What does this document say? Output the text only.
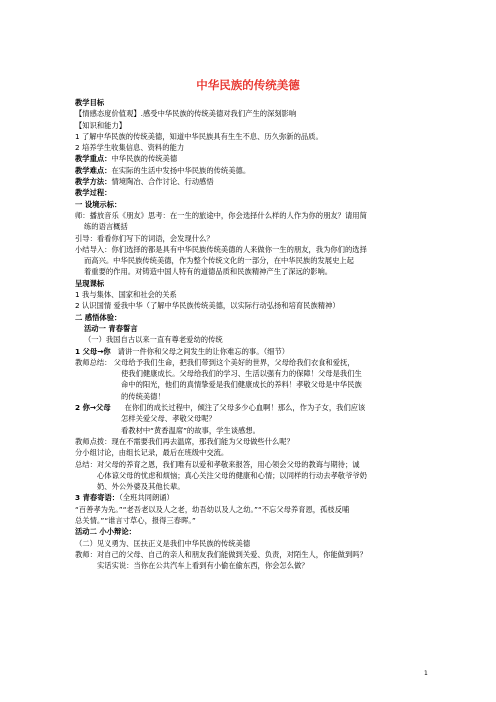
中华民族的传统美德

教学目标

【情感态度价值观】.感受中华民族的传统美德对我们产生的深刻影响

【知识和能力】

1 了解中华民族的传统美德，知道中华民族具有生生不息、历久弥新的品质。

2 培养学生收集信息、资料的能力

教学重点：中华民族的传统美德

教学难点：在实际的生活中发扬中华民族的传统美德。

教学方法：情境陶冶、合作讨论、行动感悟

教学过程：

一 设境示标：

师：播放音乐《朋友》思考：在一生的旅途中，你会选择什么样的人作为你的朋友？请用简

练的语言概括

引导：看看你们写下的词语，会发现什么？

小结导入：你们选择的都是具有中华民族传统美德的人来做你一生的朋友，我为你们的选择

而高兴。中华民族传统美德，作为整个传统文化的一部分，在中华民族的发展史上起

着重要的作用。对铸造中国人特有的道德品质和民族精神产生了深远的影响。

呈现课标

1 我与集体、国家和社会的关系

2 认识国情 爱我中华（了解中华民族传统美德，以实际行动弘扬和培育民族精神）

二 感悟体验：

活动一 青春誓言

（一）我国自古以来一直有尊老爱幼的传统

1 父母→你 请讲一件你和父母之间发生的让你难忘的事。（细节）

教师总结： 父母给予我们生命，把我们带到这个美好的世界，父母给我们衣食和爱抚，

使我们健康成长。父母给我们的学习、生活以强有力的保障！父母是我们生

命中的阳光，他们的真情挚爱是我们健康成长的养料！孝敬父母是中华民族

的传统美德！

2 你→父母 在你们的成长过程中，倾注了父母多少心血啊！那么，作为子女，我们应该

怎样关爱父母、孝敬父母呢？

看教材中“黄香温席”的故事，学生谈感想。

教师点拨：现在不需要我们再去温席，那我们能为父母做些什么呢？

分小组讨论，由组长记录，最后在班级中交流。

总结：对父母的养育之恩，我们唯有以爱和孝敬来报答，用心领会父母的教诲与期待；诚

心体谅父母的忧虑和烦恼；真心关注父母的健康和心情；以同样的行动去孝敬爷爷奶

奶、外公外婆及其他长辈。

3 青春寄语：（全班共同朗诵）

“百善孝为先。”“老吾老以及人之老，幼吾幼以及人之幼。”“不忘父母养育恩，孤枝反哺

总关情。”“谁言寸草心，报得三春晖。”

活动二 小小辩论：

（二）见义勇为、匡扶正义是我们中华民族的传统美德

教师：对自己的父母、自己的亲人和朋友我们能做到关爱、负责，对陌生人，你能做到吗？

实话实说：当你在公共汽车上看到有小偷在偷东西，你会怎么做？

1
